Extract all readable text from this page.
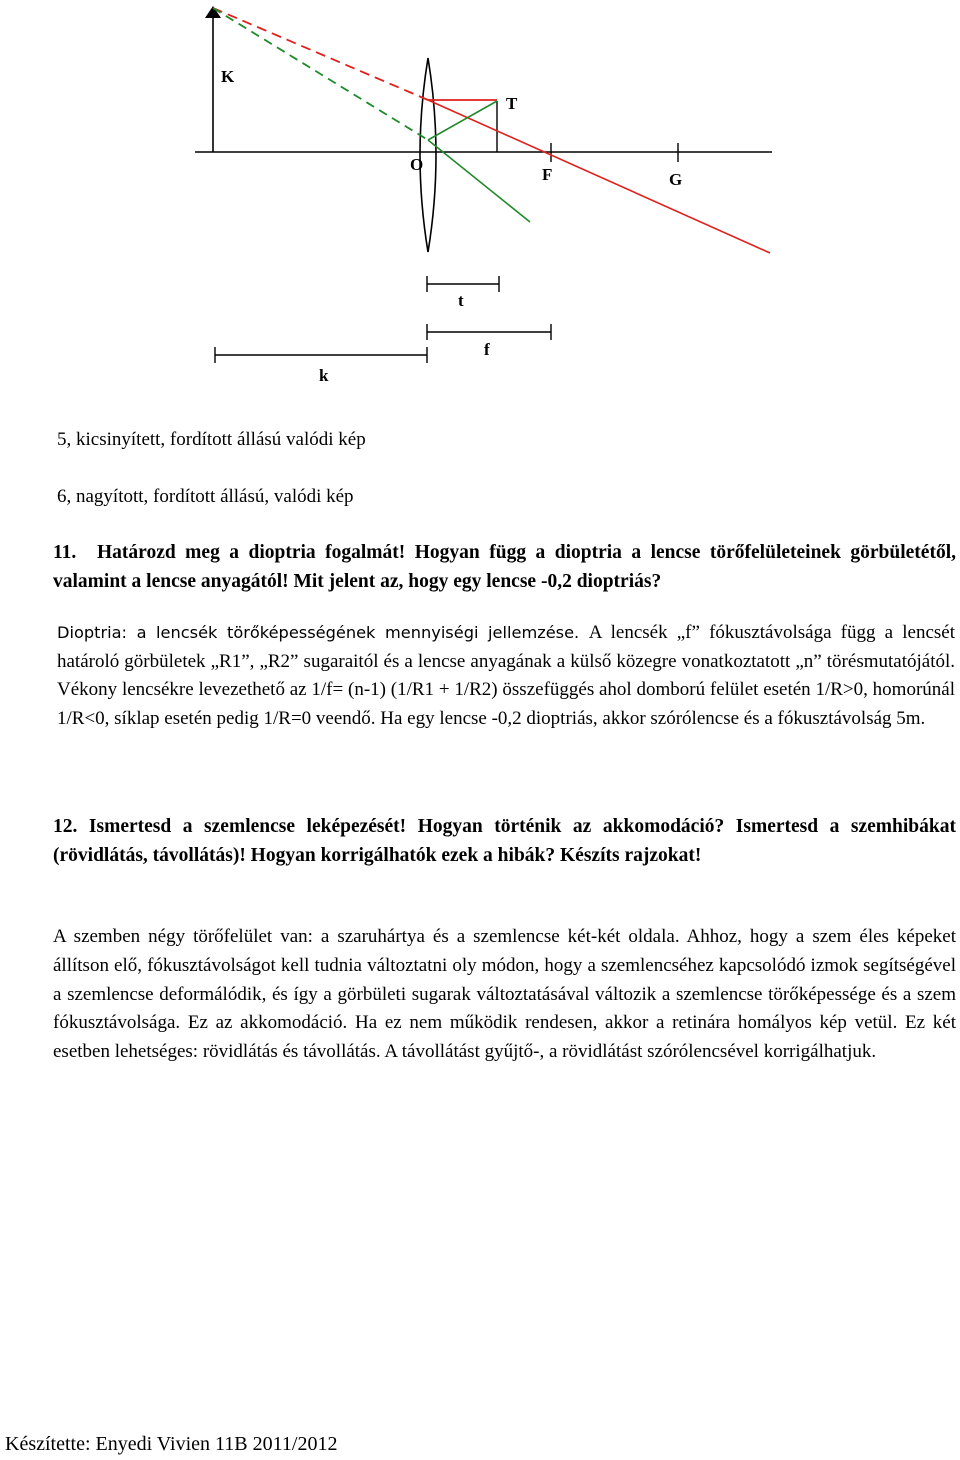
K
T
O
F	G
t
f
k
5, kicsinyített, fordított állású valódi kép
6, nagyított, fordított állású, valódi kép
11. Határozd meg a dioptria fogalmát! Hogyan függ a dioptria a lencse törőfelületeinek görbületétől, valamint a lencse anyagától! Mit jelent az, hogy egy lencse -0,2 dioptriás?
Dioptria: a lencsék törőképességének mennyiségi jellemzése. A lencsék „f” fókusztávolsága függ a lencsét határoló görbületek „R1”, „R2” sugaraitól és a lencse anyagának a külső közegre vonatkoztatott „n” törésmutatójától. Vékony lencsékre levezethető az 1/f= (n-1) (1/R1 + 1/R2) összefüggés ahol domború felület esetén 1/R>0, homorúnál 1/R<0, síklap esetén pedig 1/R=0 veendő. Ha egy lencse -0,2 dioptriás, akkor szórólencse és a fókusztávolság 5m.
12. Ismertesd a szemlencse leképezését! Hogyan történik az akkomodáció? Ismertesd a szemhibákat (rövidlátás, távollátás)! Hogyan korrigálhatók ezek a hibák? Készíts rajzokat!
A szemben négy törőfelület van: a szaruhártya és a szemlencse két-két oldala. Ahhoz, hogy a szem éles képeket állítson elő, fókusztávolságot kell tudnia változtatni oly módon, hogy a szemlencséhez kapcsolódó izmok segítségével a szemlencse deformálódik, és így a görbületi sugarak változtatásával változik a szemlencse törőképessége és a szem fókusztávolsága. Ez az akkomodáció. Ha ez nem működik rendesen, akkor a retinára homályos kép vetül. Ez két esetben lehetséges: rövidlátás és távollátás. A távollátást gyűjtő-, a rövidlátást szórólencsével korrigálhatjuk.
Készítette: Enyedi Vivien 11B 2011/2012
